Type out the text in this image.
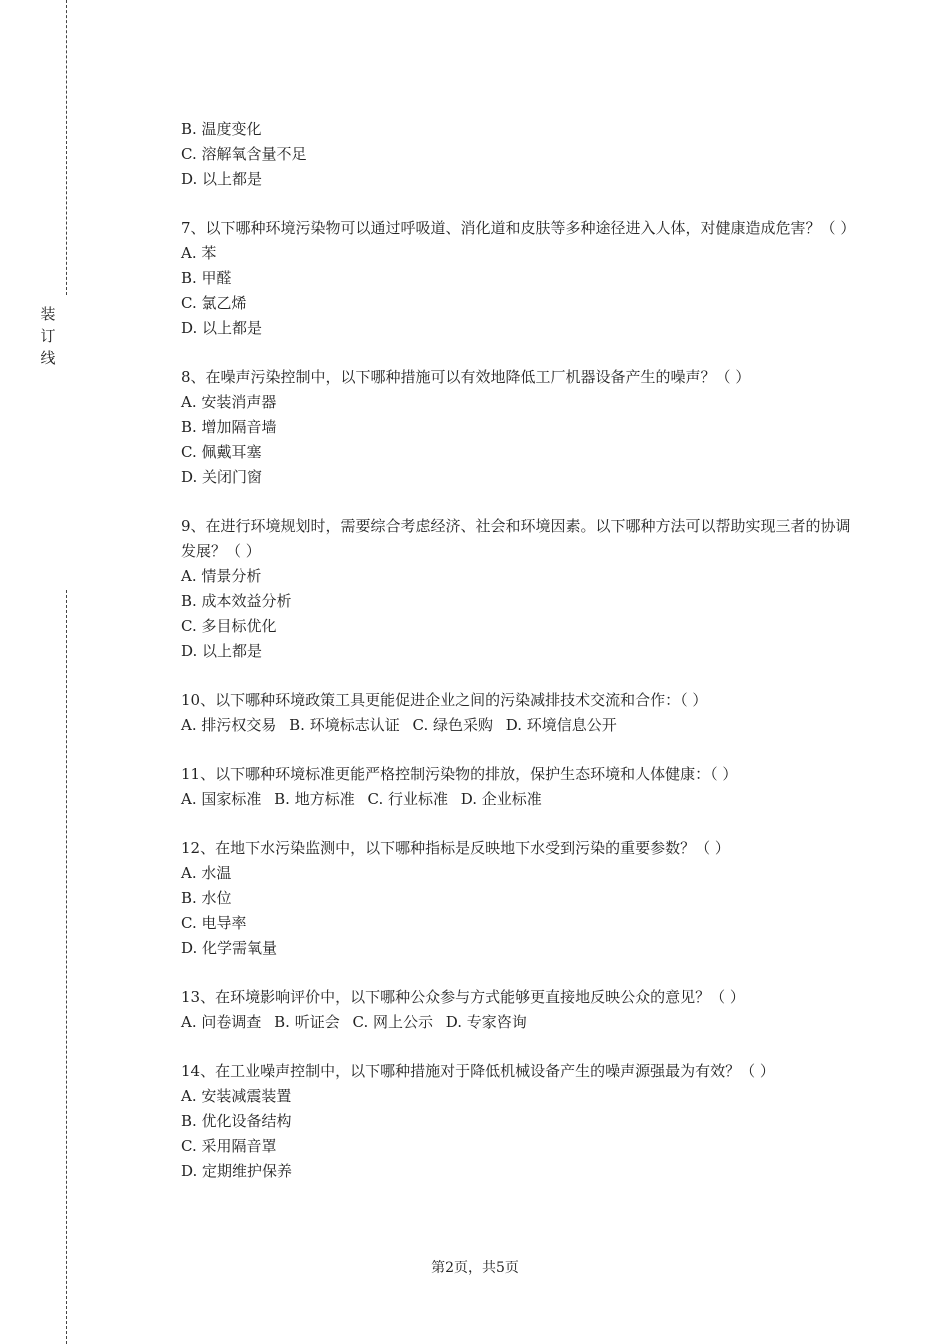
装
订
线
B. 温度变化
C. 溶解氧含量不足
D. 以上都是

7、以下哪种环境污染物可以通过呼吸道、消化道和皮肤等多种途径进入人体，对健康造成危害？（ ）

A. 苯
B. 甲醛
C. 氯乙烯
D. 以上都是

8、在噪声污染控制中，以下哪种措施可以有效地降低工厂机器设备产生的噪声？（ ）

A. 安装消声器
B. 增加隔音墙
C. 佩戴耳塞
D. 关闭门窗

9、在进行环境规划时，需要综合考虑经济、社会和环境因素。以下哪种方法可以帮助实现三者的协调发展？（ ）

A. 情景分析
B. 成本效益分析
C. 多目标优化
D. 以上都是

10、以下哪种环境政策工具更能促进企业之间的污染减排技术交流和合作：（ ）

A. 排污权交易 B. 环境标志认证 C. 绿色采购 D. 环境信息公开

11、以下哪种环境标准更能严格控制污染物的排放，保护生态环境和人体健康：（ ）

A. 国家标准 B. 地方标准 C. 行业标准 D. 企业标准

12、在地下水污染监测中，以下哪种指标是反映地下水受到污染的重要参数？（ ）

A. 水温
B. 水位
C. 电导率
D. 化学需氧量

13、在环境影响评价中，以下哪种公众参与方式能够更直接地反映公众的意见？（ ）

A. 问卷调查 B. 听证会 C. 网上公示 D. 专家咨询

14、在工业噪声控制中，以下哪种措施对于降低机械设备产生的噪声源强最为有效？（ ）

A. 安装减震装置
B. 优化设备结构
C. 采用隔音罩
D. 定期维护保养
第2页，共5页
